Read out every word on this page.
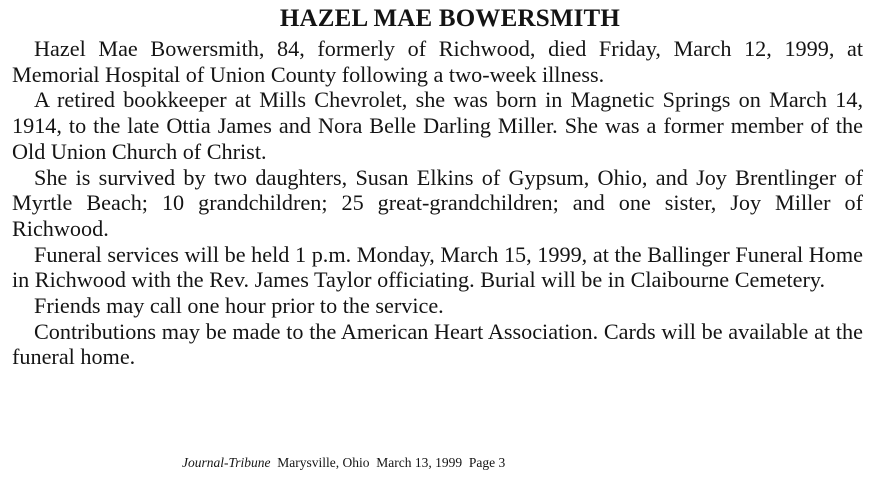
HAZEL MAE BOWERSMITH

Hazel Mae Bowersmith, 84, formerly of Richwood, died Friday, March 12, 1999, at Memorial Hospital of Union County following a two-week illness.

A retired bookkeeper at Mills Chevrolet, she was born in Magnetic Springs on March 14, 1914, to the late Ottia James and Nora Belle Darling Miller. She was a former member of the Old Union Church of Christ.

She is survived by two daughters, Susan Elkins of Gypsum, Ohio, and Joy Brentlinger of Myrtle Beach; 10 grandchildren; 25 great-grandchildren; and one sister, Joy Miller of Richwood.

Funeral services will be held 1 p.m. Monday, March 15, 1999, at the Ballinger Funeral Home in Richwood with the Rev. James Taylor officiating. Burial will be in Claibourne Cemetery.

Friends may call one hour prior to the service.

Contributions may be made to the American Heart Association. Cards will be available at the funeral home.

Journal-Tribune  Marysville, Ohio  March 13, 1999  Page 3
